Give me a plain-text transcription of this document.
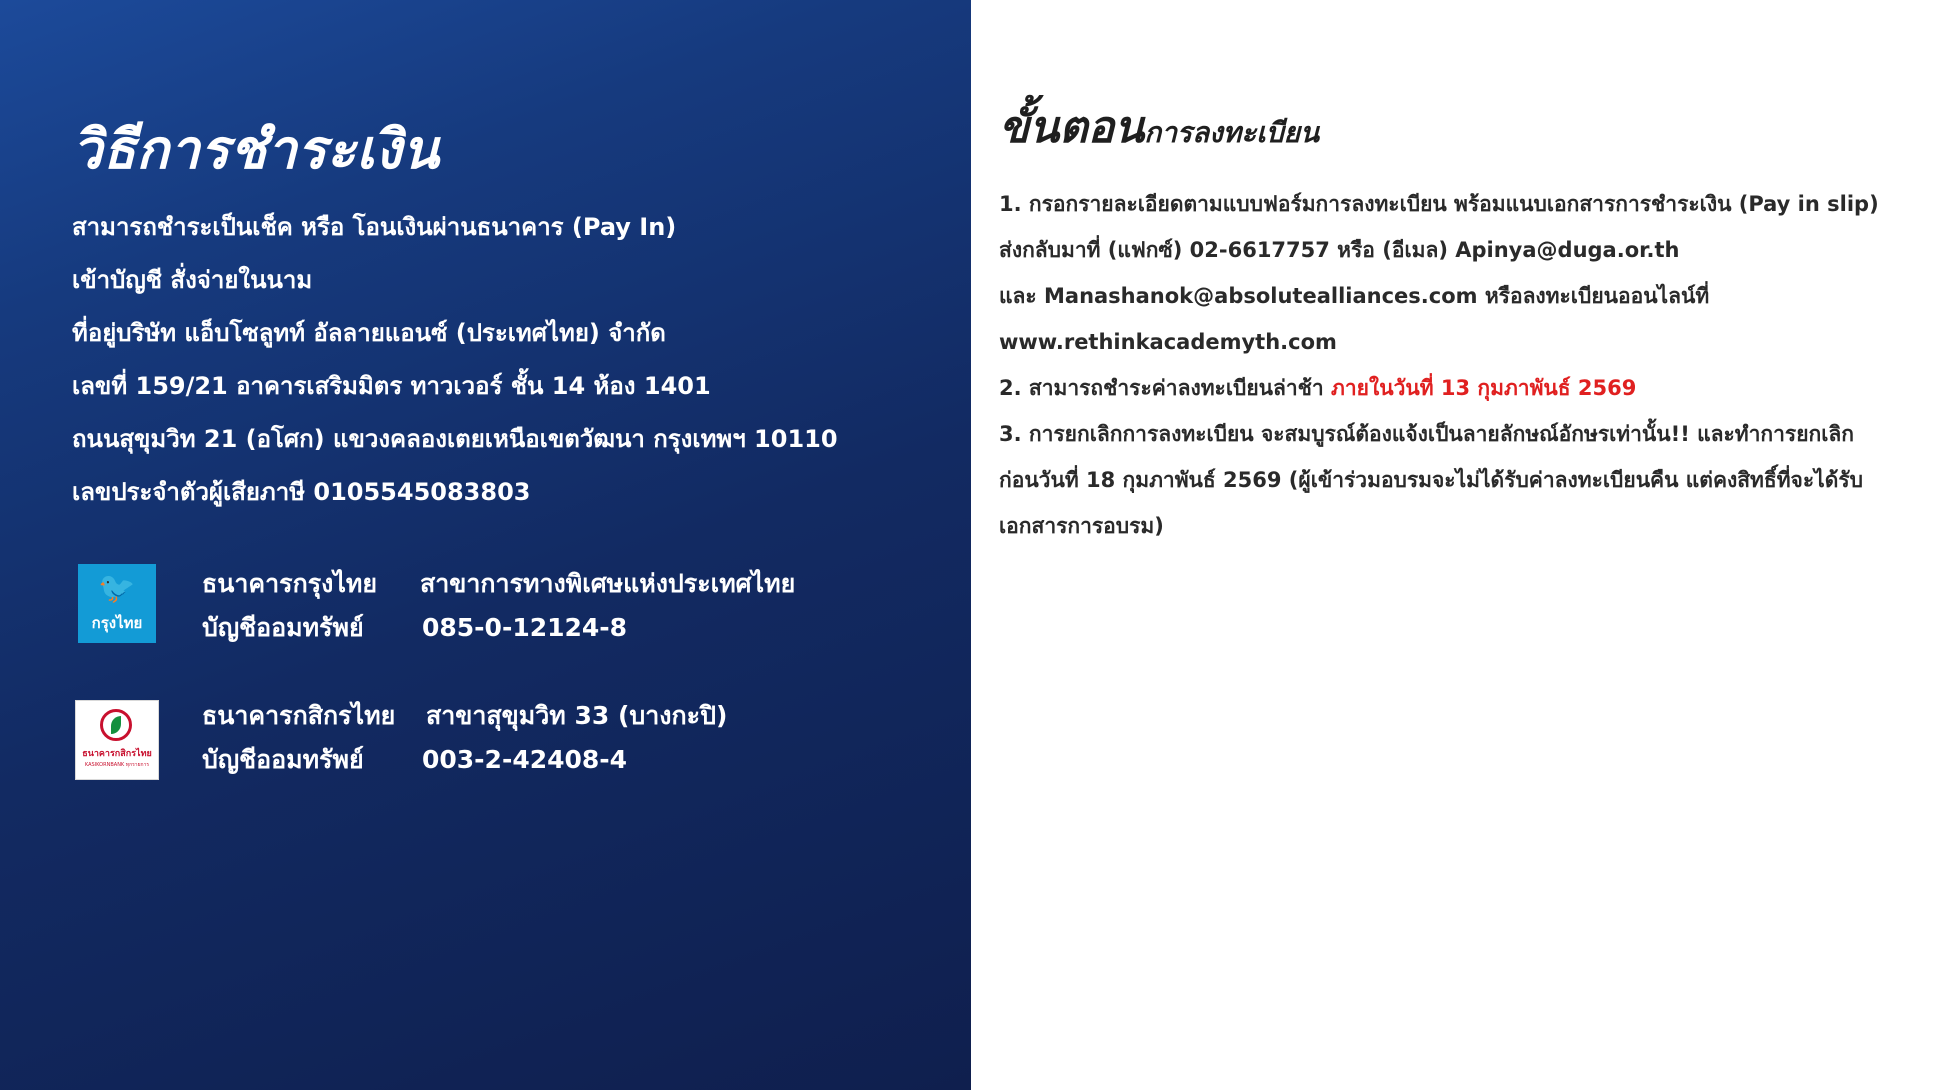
วิธีการชำระเงิน
สามารถชำระเป็นเช็ค หรือ โอนเงินผ่านธนาคาร (Pay In)
เข้าบัญชี สั่งจ่ายในนาม
ที่อยู่บริษัท แอ็บโซลูทท์ อัลลายแอนซ์ (ประเทศไทย) จำกัด
เลขที่ 159/21 อาคารเสริมมิตร ทาวเวอร์ ชั้น 14 ห้อง 1401
ถนนสุขุมวิท 21 (อโศก) แขวงคลองเตยเหนือเขตวัฒนา กรุงเทพฯ 10110
เลขประจำตัวผู้เสียภาษี 0105545083803
🐦
กรุงไทย
ธนาคารกรุงไทย สาขาการทางพิเศษแห่งประเทศไทย
บัญชีออมทรัพย์ 085-0-12124-8
ธนาคารกสิกรไทย
KASIKORNBANK ทุกรายการ
ธนาคารกสิกรไทย สาขาสุขุมวิท 33 (บางกะปิ)
บัญชีออมทรัพย์ 003-2-42408-4
ขั้นตอนการลงทะเบียน
1. กรอกรายละเอียดตามแบบฟอร์มการลงทะเบียน พร้อมแนบเอกสารการชำระเงิน (Pay in slip)
ส่งกลับมาที่ (แฟกซ์) 02-6617757 หรือ (อีเมล) Apinya@duga.or.th
และ Manashanok@absolutealliances.com หรือลงทะเบียนออนไลน์ที่
www.rethinkacademyth.com
2. สามารถชำระค่าลงทะเบียนล่าช้า ภายในวันที่ 13 กุมภาพันธ์ 2569
3. การยกเลิกการลงทะเบียน จะสมบูรณ์ต้องแจ้งเป็นลายลักษณ์อักษรเท่านั้น!! และทำการยกเลิก
ก่อนวันที่ 18 กุมภาพันธ์ 2569 (ผู้เข้าร่วมอบรมจะไม่ได้รับค่าลงทะเบียนคืน แต่คงสิทธิ์ที่จะได้รับ
เอกสารการอบรม)
